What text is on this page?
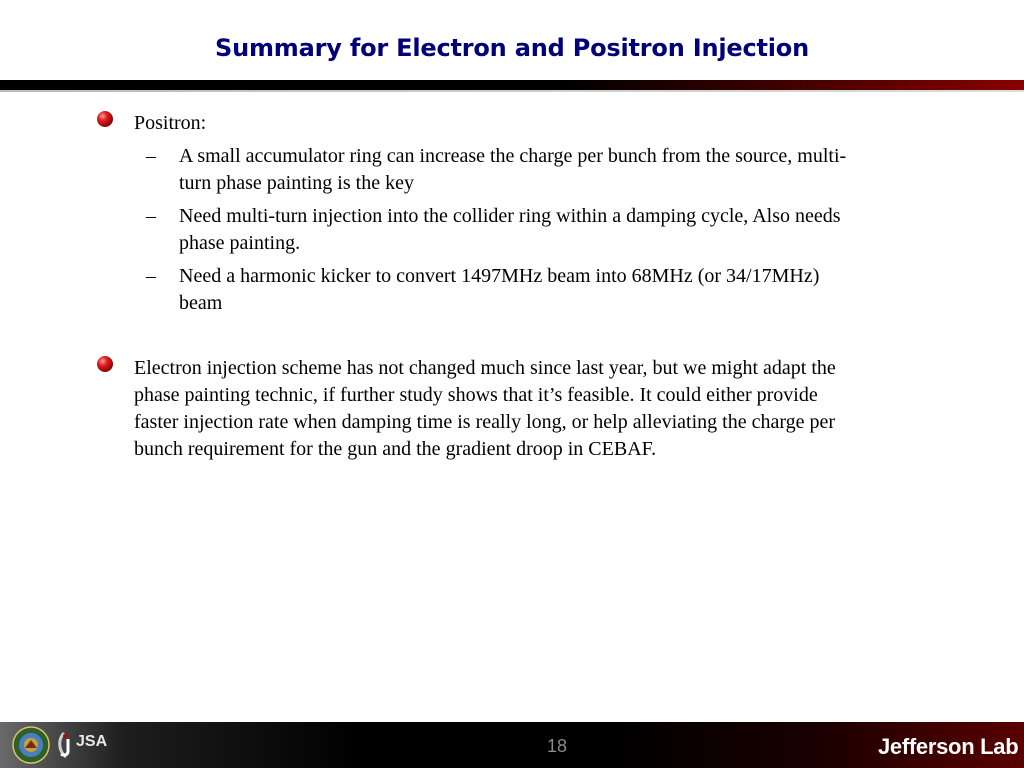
Summary for Electron and Positron Injection
Positron:
– A small accumulator ring can increase the charge per bunch from the source, multi-
turn phase painting is the key
– Need multi-turn injection into the collider ring within a damping cycle, Also needs
phase painting.
– Need a harmonic kicker to convert 1497MHz beam into 68MHz (or 34/17MHz)
beam
Electron injection scheme has not changed much since last year, but we might adapt the
phase painting technic, if further study shows that it’s feasible. It could either provide
faster injection rate when damping time is really long, or help alleviating the charge per
bunch requirement for the gun and the gradient droop in CEBAF.
JSA	18	Jefferson Lab
